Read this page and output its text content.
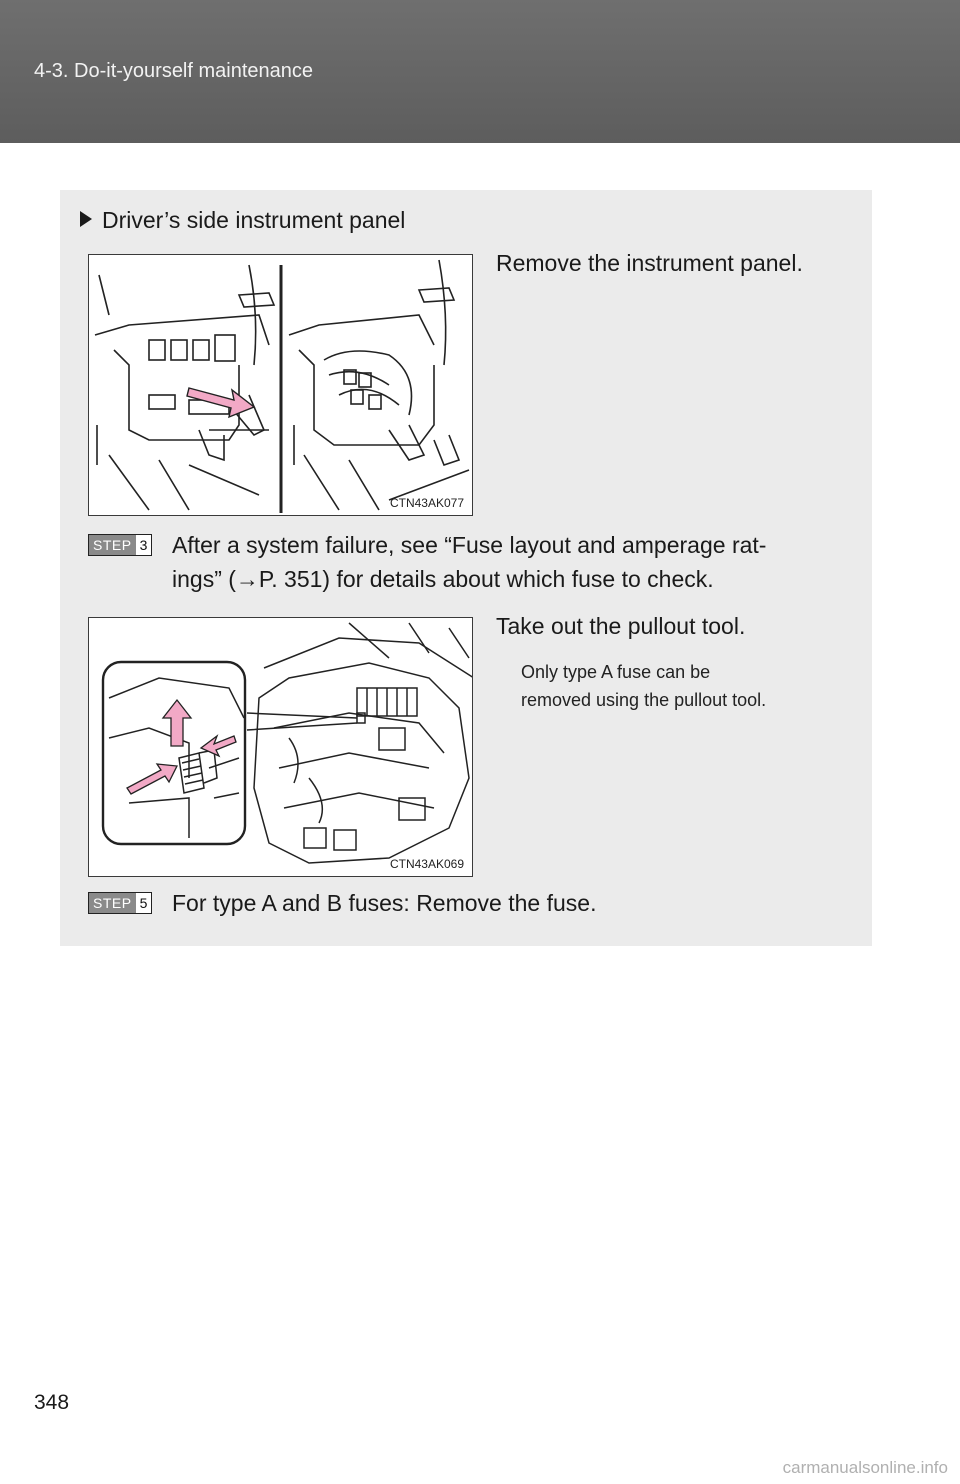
4-3. Do-it-yourself maintenance
Driver’s side instrument panel
CTN43AK077
Remove the instrument panel.
STEP 3 After a system failure, see “Fuse layout and amperage rat-
ings” (→P. 351) for details about which fuse to check.
CTN43AK069
Take out the pullout tool.
Only type A fuse can be
removed using the pullout tool.
STEP 5 For type A and B fuses: Remove the fuse.
348
carmanualsonline.info
